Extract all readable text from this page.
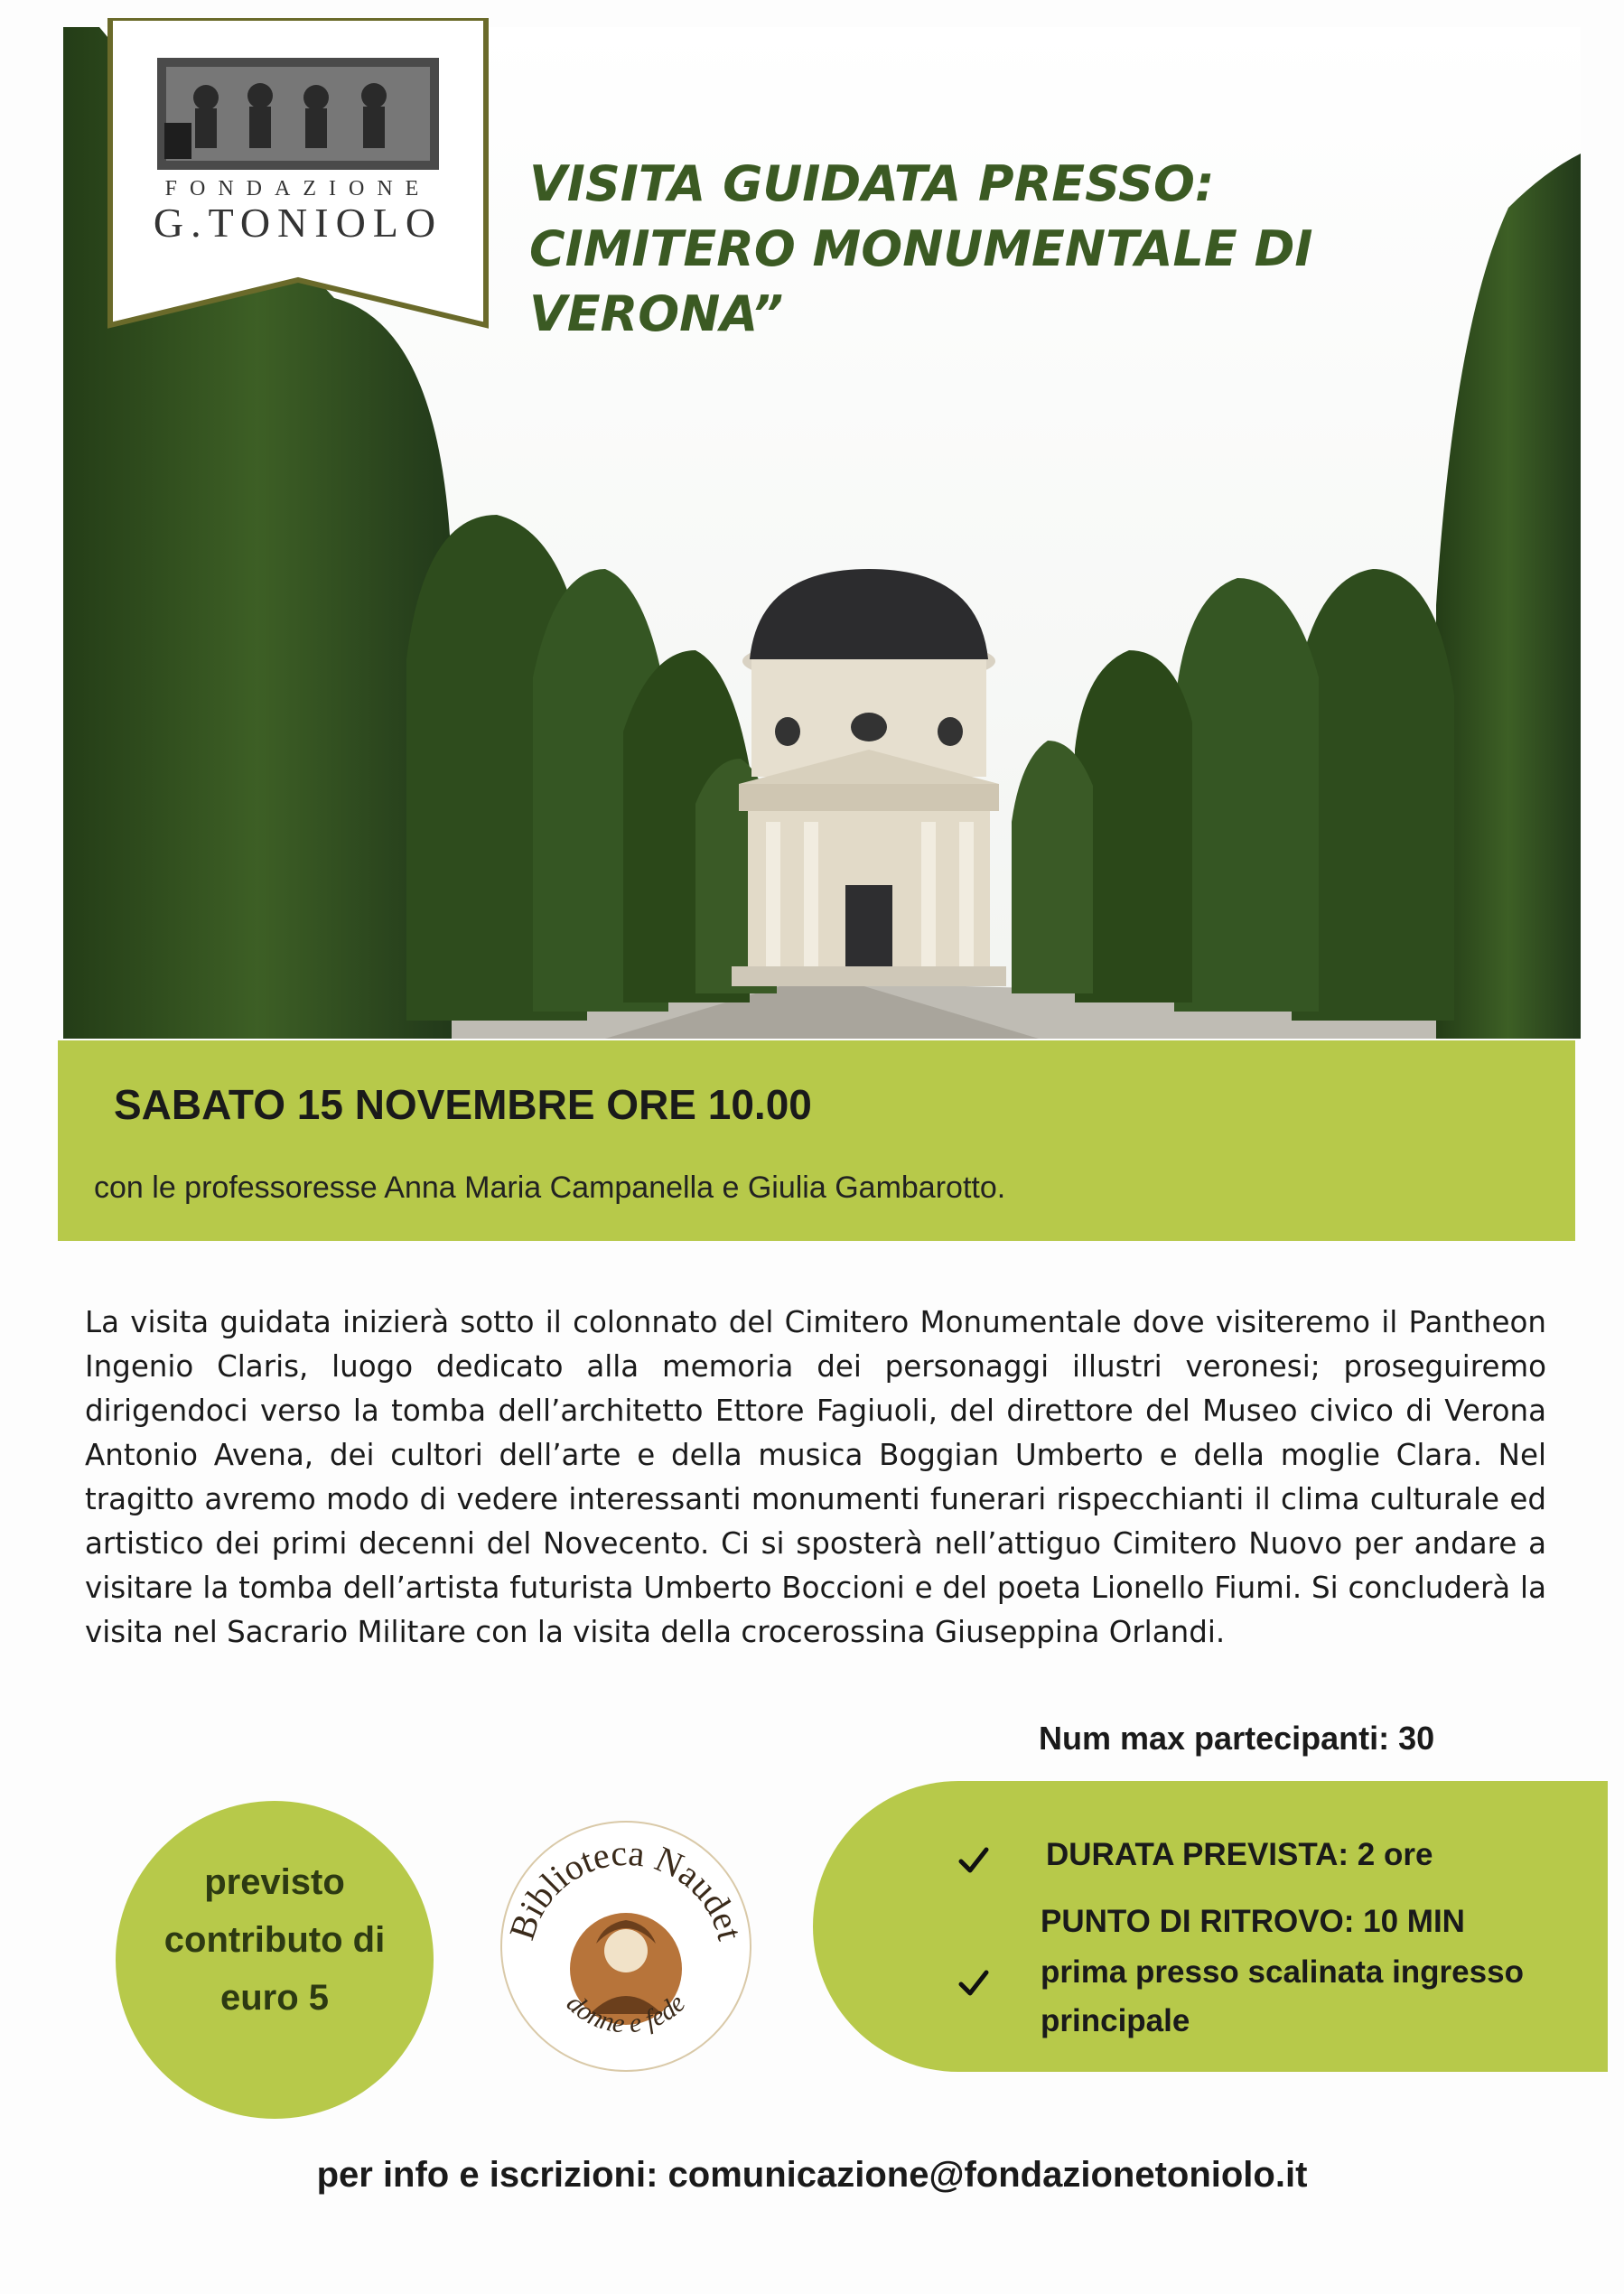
FONDAZIONE
G.TONIOLO
VISITA GUIDATA PRESSO:
CIMITERO MONUMENTALE DI
VERONA”
SABATO 15 NOVEMBRE ORE 10.00
con le professoresse Anna Maria Campanella e Giulia Gambarotto.
La visita guidata inizierà sotto il colonnato del Cimitero Monumentale dove visiteremo il Pantheon Ingenio Claris, luogo dedicato alla memoria dei personaggi illustri veronesi; proseguiremo dirigendoci verso la tomba dell’architetto Ettore Fagiuoli, del direttore del Museo civico di Verona Antonio Avena, dei cultori dell’arte e della musica Boggian Umberto e della moglie Clara. Nel tragitto avremo modo di vedere interessanti monumenti funerari rispecchianti il clima culturale ed artistico dei primi decenni del Novecento. Ci si sposterà nell’attiguo Cimitero Nuovo per andare a visitare la tomba dell’artista futurista Umberto Boccioni e del poeta Lionello Fiumi. Si concluderà la visita nel Sacrario Militare con la visita della crocerossina Giuseppina Orlandi.
Num max partecipanti: 30
previsto
contributo di
euro 5
Biblioteca Naudet
donne e fede
DURATA PREVISTA: 2 ore
PUNTO DI RITROVO: 10 MIN
prima presso scalinata ingresso
principale
per info e iscrizioni: comunicazione@fondazionetoniolo.it
